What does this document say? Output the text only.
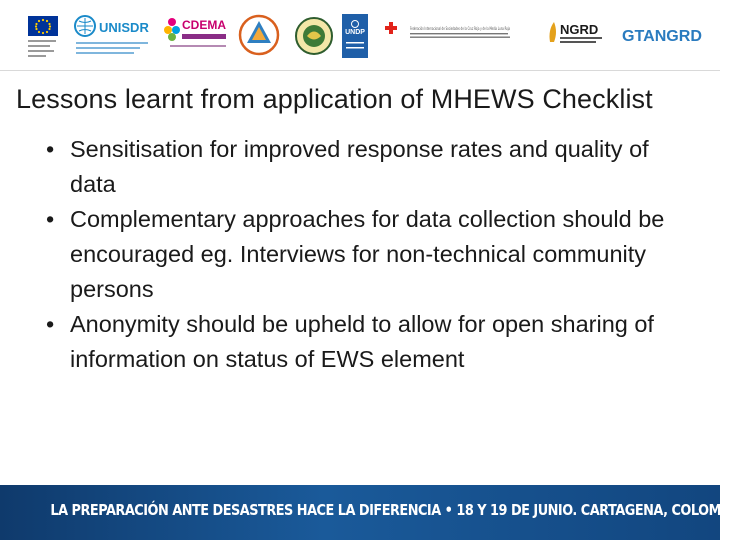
UNISDR	CDEMA
UNDP
Federación Internacional de Sociedades de la Cruz Roja y de la Media Luna Roja	NGRD GTANGRD
Lessons learnt from application of MHEWS Checklist
• Sensitisation for improved response rates and quality of data
• Complementary approaches for data collection should be encouraged eg. Interviews for non-technical community persons
• Anonymity should be upheld to allow for open sharing of information on status of EWS element
LA PREPARACIÓN ANTE DESASTRES HACE LA DIFERENCIA • 18 Y 19 DE JUNIO. CARTAGENA, COLOMBIA.
